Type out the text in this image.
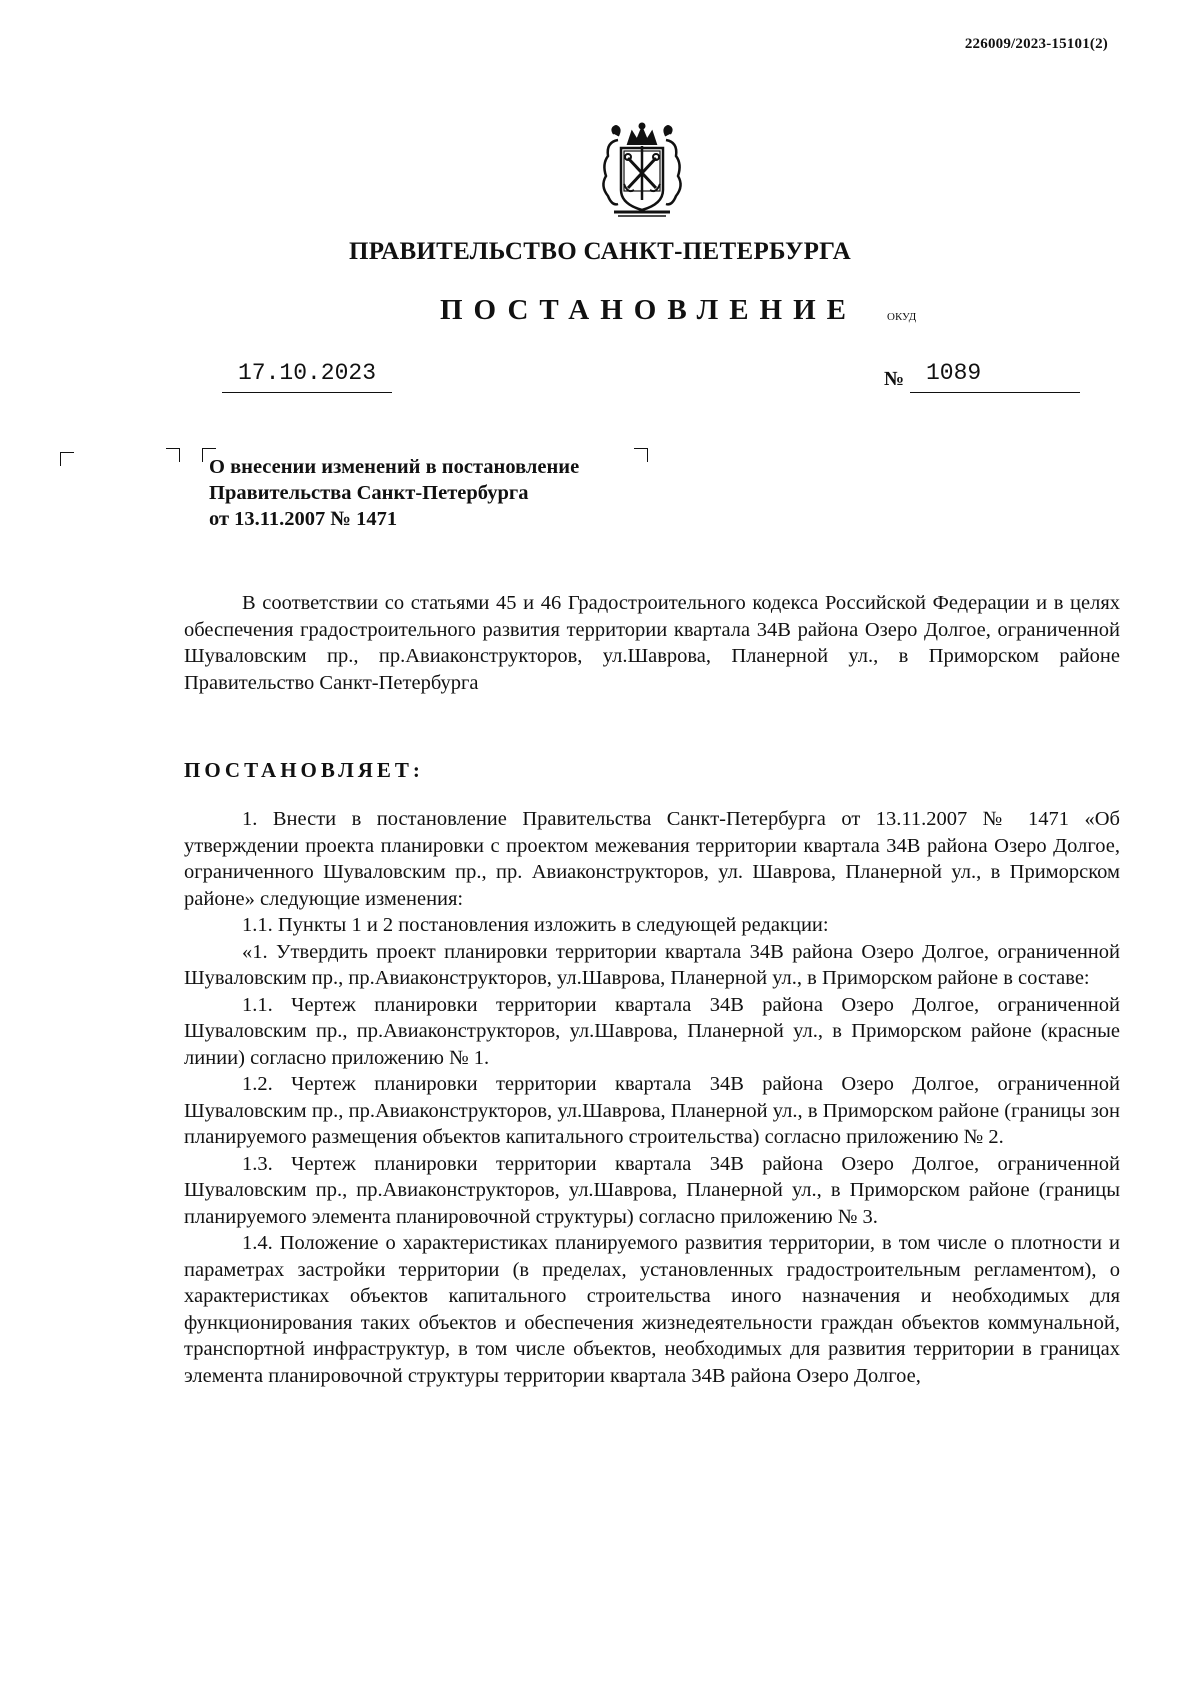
226009/2023-15101(2)
ПРАВИТЕЛЬСТВО САНКТ-ПЕТЕРБУРГА
ПОСТАНОВЛЕНИЕ	ОКУД
17.10.2023	№ 1089
О внесении изменений в постановление
Правительства Санкт-Петербурга
от 13.11.2007 № 1471

В соответствии со статьями 45 и 46 Градостроительного кодекса Российской Федерации и в целях обеспечения градостроительного развития территории квартала 34В района Озеро Долгое, ограниченной Шуваловским пр., пр.Авиаконструкторов, ул.Шаврова, Планерной ул., в Приморском районе Правительство Санкт-Петербурга

ПОСТАНОВЛЯЕТ:

1. Внести в постановление Правительства Санкт-Петербурга от 13.11.2007 № 1471 «Об утверждении проекта планировки с проектом межевания территории квартала 34В района Озеро Долгое, ограниченного Шуваловским пр., пр. Авиаконструкторов, ул. Шаврова, Планерной ул., в Приморском районе» следующие изменения:

1.1. Пункты 1 и 2 постановления изложить в следующей редакции:

«1. Утвердить проект планировки территории квартала 34В района Озеро Долгое, ограниченной Шуваловским пр., пр.Авиаконструкторов, ул.Шаврова, Планерной ул., в Приморском районе в составе:

1.1. Чертеж планировки территории квартала 34В района Озеро Долгое, ограниченной Шуваловским пр., пр.Авиаконструкторов, ул.Шаврова, Планерной ул., в Приморском районе (красные линии) согласно приложению № 1.

1.2. Чертеж планировки территории квартала 34В района Озеро Долгое, ограниченной Шуваловским пр., пр.Авиаконструкторов, ул.Шаврова, Планерной ул., в Приморском районе (границы зон планируемого размещения объектов капитального строительства) согласно приложению № 2.

1.3. Чертеж планировки территории квартала 34В района Озеро Долгое, ограниченной Шуваловским пр., пр.Авиаконструкторов, ул.Шаврова, Планерной ул., в Приморском районе (границы планируемого элемента планировочной структуры) согласно приложению № 3.

1.4. Положение о характеристиках планируемого развития территории, в том числе о плотности и параметрах застройки территории (в пределах, установленных градостроительным регламентом), о характеристиках объектов капитального строительства иного назначения и необходимых для функционирования таких объектов и обеспечения жизнедеятельности граждан объектов коммунальной, транспортной инфраструктур, в том числе объектов, необходимых для развития территории в границах элемента планировочной структуры территории квартала 34В района Озеро Долгое,
